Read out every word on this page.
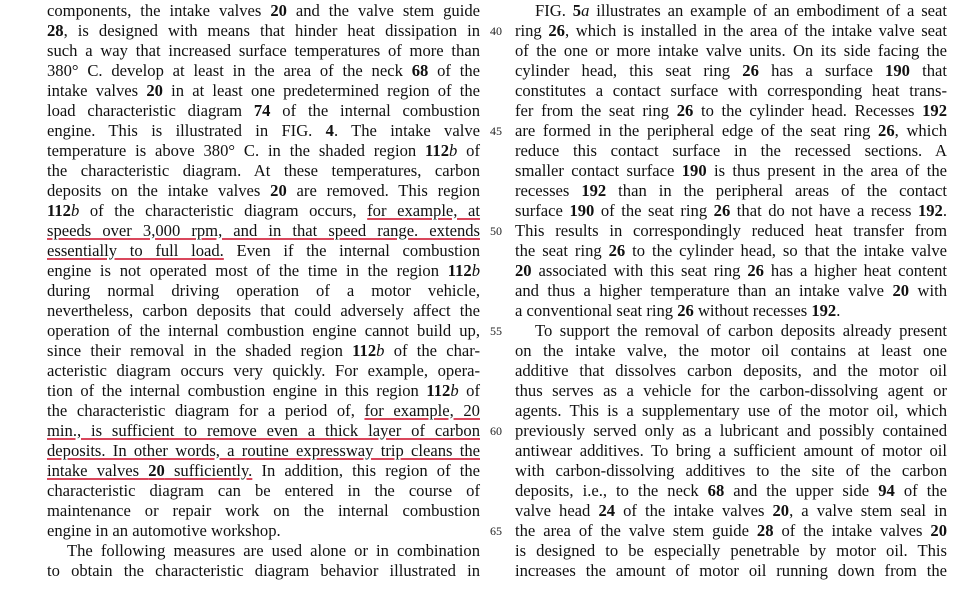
components, the intake valves 20 and the valve stem guide
28, is designed with means that hinder heat dissipation in
such a way that increased surface temperatures of more than
380° C. develop at least in the area of the neck 68 of the
intake valves 20 in at least one predetermined region of the
load characteristic diagram 74 of the internal combustion
engine. This is illustrated in FIG. 4. The intake valve
temperature is above 380° C. in the shaded region 112b of
the characteristic diagram. At these temperatures, carbon
deposits on the intake valves 20 are removed. This region
112b of the characteristic diagram occurs, for example, at
speeds over 3,000 rpm, and in that speed range. extends
essentially to full load. Even if the internal combustion
engine is not operated most of the time in the region 112b
during normal driving operation of a motor vehicle,
nevertheless, carbon deposits that could adversely affect the
operation of the internal combustion engine cannot build up,
since their removal in the shaded region 112b of the char-
acteristic diagram occurs very quickly. For example, opera-
tion of the internal combustion engine in this region 112b of
the characteristic diagram for a period of, for example, 20
min., is sufficient to remove even a thick layer of carbon
deposits. In other words, a routine expressway trip cleans the
intake valves 20 sufficiently. In addition, this region of the
characteristic diagram can be entered in the course of
maintenance or repair work on the internal combustion
engine in an automotive workshop.
The following measures are used alone or in combination
to obtain the characteristic diagram behavior illustrated in
FIG. 5a illustrates an example of an embodiment of a seat
ring 26, which is installed in the area of the intake valve seat
of the one or more intake valve units. On its side facing the
cylinder head, this seat ring 26 has a surface 190 that
constitutes a contact surface with corresponding heat trans-
fer from the seat ring 26 to the cylinder head. Recesses 192
are formed in the peripheral edge of the seat ring 26, which
reduce this contact surface in the recessed sections. A
smaller contact surface 190 is thus present in the area of the
recesses 192 than in the peripheral areas of the contact
surface 190 of the seat ring 26 that do not have a recess 192.
This results in correspondingly reduced heat transfer from
the seat ring 26 to the cylinder head, so that the intake valve
20 associated with this seat ring 26 has a higher heat content
and thus a higher temperature than an intake valve 20 with
a conventional seat ring 26 without recesses 192.
To support the removal of carbon deposits already present
on the intake valve, the motor oil contains at least one
additive that dissolves carbon deposits, and the motor oil
thus serves as a vehicle for the carbon-dissolving agent or
agents. This is a supplementary use of the motor oil, which
previously served only as a lubricant and possibly contained
antiwear additives. To bring a sufficient amount of motor oil
with carbon-dissolving additives to the site of the carbon
deposits, i.e., to the neck 68 and the upper side 94 of the
valve head 24 of the intake valves 20, a valve stem seal in
the area of the valve stem guide 28 of the intake valves 20
is designed to be especially penetrable by motor oil. This
increases the amount of motor oil running down from the
40
45
50
55
60
65
